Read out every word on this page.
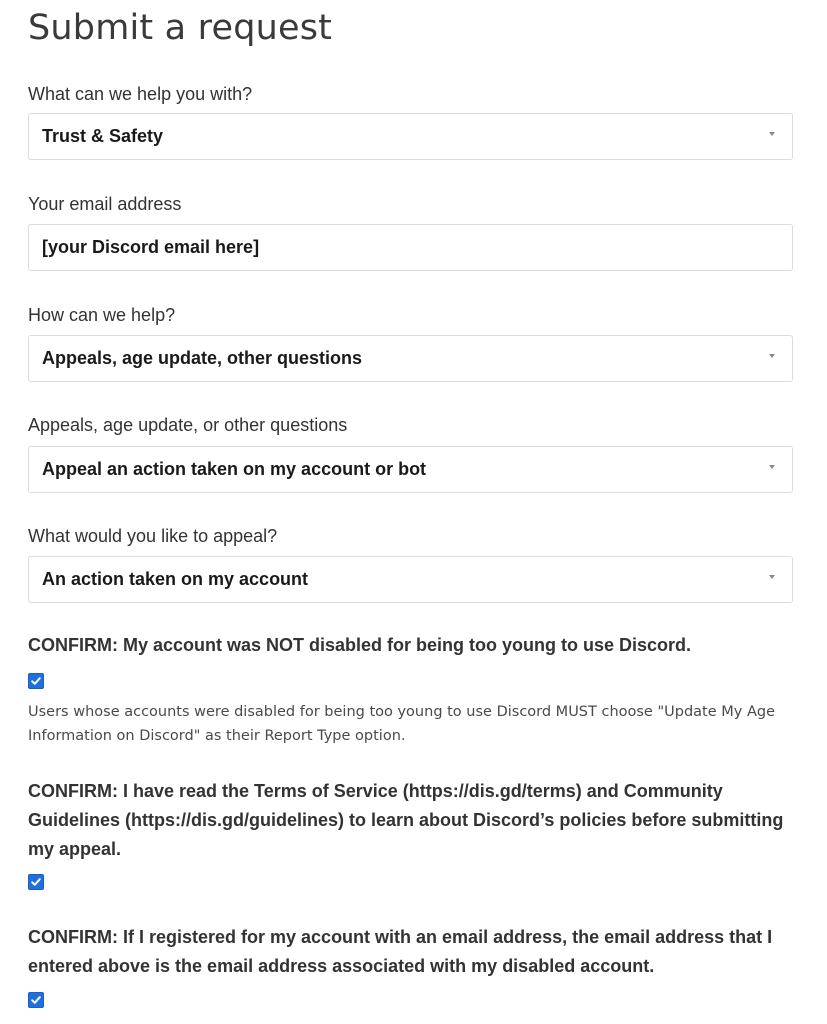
Submit a request
What can we help you with?
Trust & Safety
Your email address
[your Discord email here]
How can we help?
Appeals, age update, other questions
Appeals, age update, or other questions
Appeal an action taken on my account or bot
What would you like to appeal?
An action taken on my account
CONFIRM: My account was NOT disabled for being too young to use Discord.
Users whose accounts were disabled for being too young to use Discord MUST choose "Update My Age Information on Discord" as their Report Type option.
CONFIRM: I have read the Terms of Service (https://dis.gd/terms) and Community Guidelines (https://dis.gd/guidelines) to learn about Discord’s policies before submitting my appeal.
CONFIRM: If I registered for my account with an email address, the email address that I entered above is the email address associated with my disabled account.
